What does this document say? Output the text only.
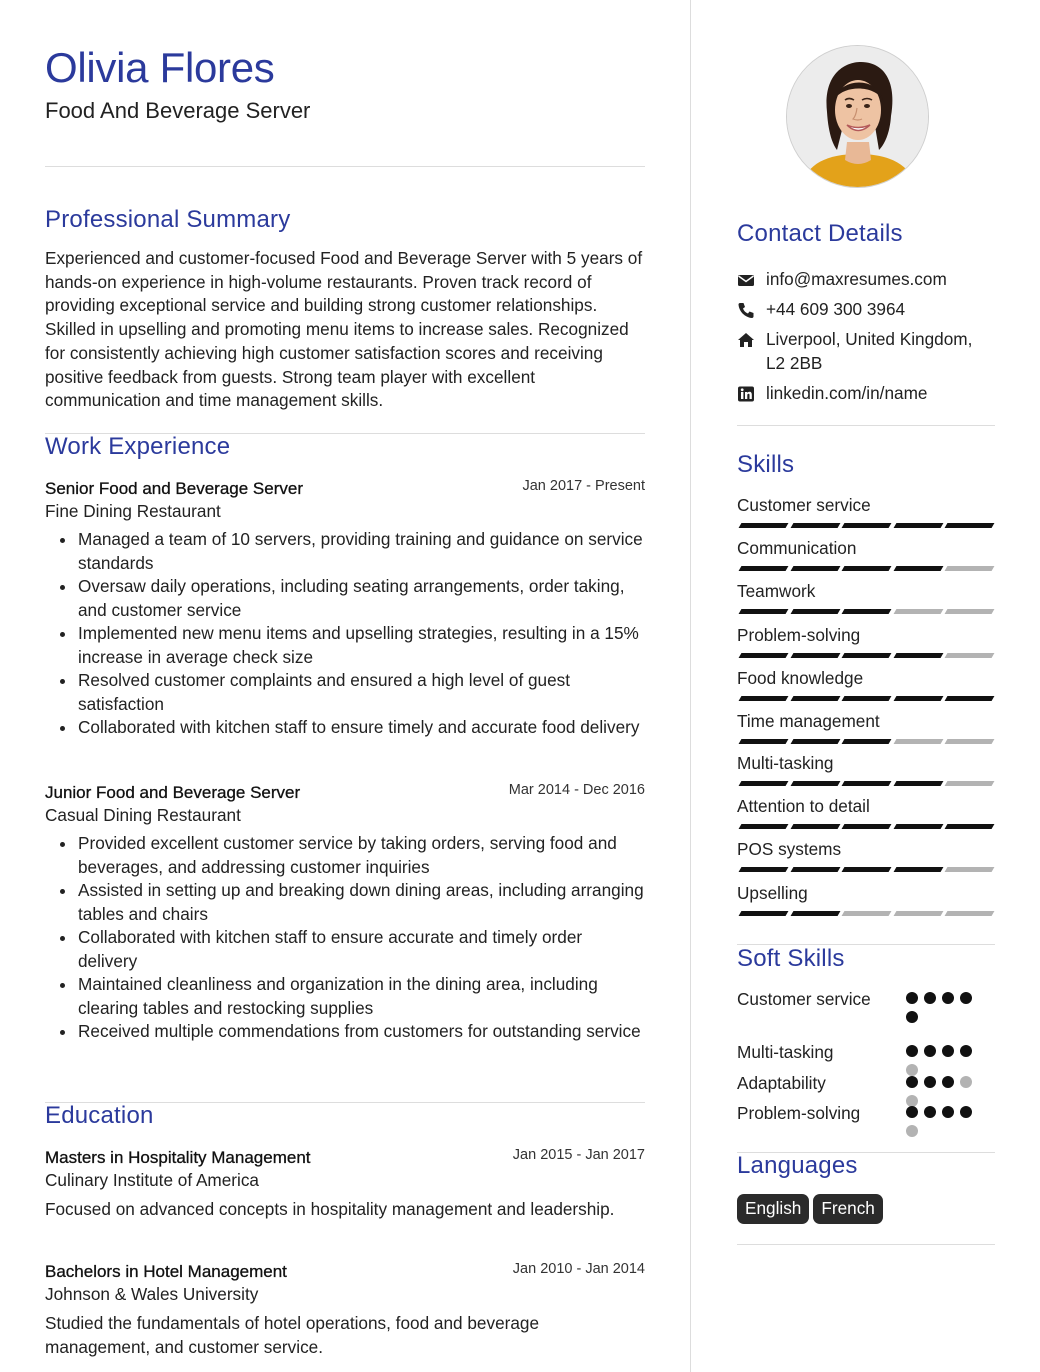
Olivia Flores
Food And Beverage Server
Professional Summary
Experienced and customer-focused Food and Beverage Server with 5 years of hands-on experience in high-volume restaurants. Proven track record of providing exceptional service and building strong customer relationships. Skilled in upselling and promoting menu items to increase sales. Recognized for consistently achieving high customer satisfaction scores and receiving positive feedback from guests. Strong team player with excellent communication and time management skills.
Work Experience
Senior Food and Beverage Server	Jan 2017 - Present
Fine Dining Restaurant
Managed a team of 10 servers, providing training and guidance on service standards
Oversaw daily operations, including seating arrangements, order taking, and customer service
Implemented new menu items and upselling strategies, resulting in a 15% increase in average check size
Resolved customer complaints and ensured a high level of guest satisfaction
Collaborated with kitchen staff to ensure timely and accurate food delivery
Junior Food and Beverage Server	Mar 2014 - Dec 2016
Casual Dining Restaurant
Provided excellent customer service by taking orders, serving food and beverages, and addressing customer inquiries
Assisted in setting up and breaking down dining areas, including arranging tables and chairs
Collaborated with kitchen staff to ensure accurate and timely order delivery
Maintained cleanliness and organization in the dining area, including clearing tables and restocking supplies
Received multiple commendations from customers for outstanding service
Education
Masters in Hospitality Management	Jan 2015 - Jan 2017
Culinary Institute of America
Focused on advanced concepts in hospitality management and leadership.
Bachelors in Hotel Management	Jan 2010 - Jan 2014
Johnson & Wales University
Studied the fundamentals of hotel operations, food and beverage management, and customer service.
Contact Details
info@maxresumes.com
+44 609 300 3964
Liverpool, United Kingdom, L2 2BB
linkedin.com/in/name
Skills
Customer service
Communication
Teamwork
Problem-solving
Food knowledge
Time management
Multi-tasking
Attention to detail
POS systems
Upselling
Soft Skills
Customer service
Multi-tasking
Adaptability
Problem-solving
Languages
English French
